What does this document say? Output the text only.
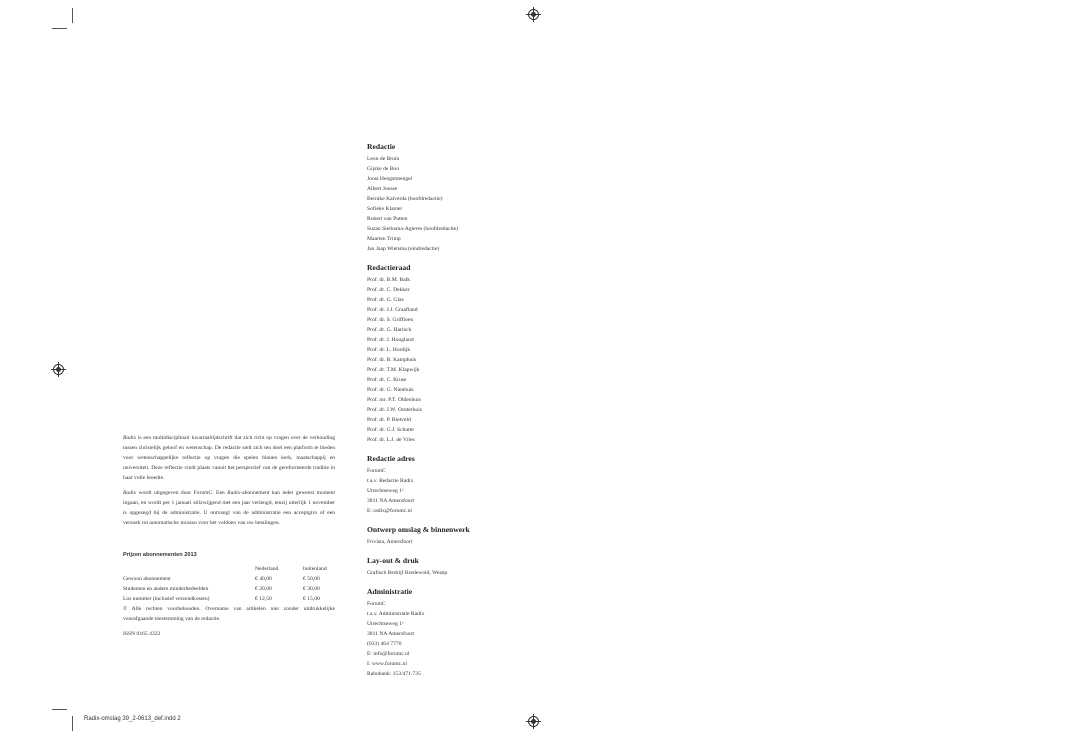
Radix is een multidisciplinair kwartaaltijdschrift dat zich richt op vragen over de verhouding tussen christelijk geloof en wetenschap. De redactie stelt zich ten doel een platform te bieden voor wetenschappelijke reflectie op vragen die spelen binnen kerk, maatschappij en universiteit. Deze reflectie vindt plaats vanuit het perspectief van de gereformeerde traditie in haar volle breedte.

Radix wordt uitgegeven door ForumC. Een Radix-abonnement kan ieder gewenst moment ingaan, en wordt per 1 januari stilzwijgend met een jaar verlengd, tenzij uiterlijk 1 november is opgezegd bij de administratie. U ontvangt van de administratie een acceptgiro of een verzoek tot automatische incasso voor het voldoen van uw betalingen.

Prijzen abonnementen 2013
	Nederland	buitenland
Gewoon abonnement	€ 40,00	€ 50,00
Studenten en andere minderbedeelden	€ 20,00	€ 30,00
Los nummer (inclusief verzendkosten)	€ 12,50	€ 15,00

© Alle rechten voorbehouden. Overname van artikelen niet zonder uitdrukkelijke voorafgaande toestemming van de redactie.

ISSN 0165 4322

Redactie
Leon de Bruin
Gijske de Boo
Joost Hengstmengel
Albert Joosse
Bernike Kalverda (hoofdredactie)
Sofieke Klamer
Robert van Putten
Suzan Sierksma-Agteres (hoofdredactie)
Maarten Trimp
Jan Jaap Wietsma (eindredactie)
Redactieraad
Prof. dr. B.M. Balk
Prof. dr. C. Dekker
Prof. dr. G. Glas
Prof. dr. J.J. Graafland
Prof. dr. S. Griffioen
Prof. dr. G. Harinck
Prof. dr. J. Hoogland
Prof. dr. L. Hordijk
Prof. dr. B. Kamphuis
Prof. dr. T.M. Klapwijk
Prof. dr. C. Kruse
Prof. dr. G. Nienhuis
Prof. mr. P.T. Oldenhuis
Prof. dr. J.W. Oosterhuis
Prof. dr. P. Rietveld
Prof. dr. G.J. Schutte
Prof. dr. L.J. de Vries
Redactie adres
ForumC
t.a.v. Redactie Radix
Utrechtseweg 1ᵃ
3811 NA Amersfoort
E: radix@forumc.nl
Ontwerp omslag & binnenwerk
Frivista, Amersfoort
Lay-out & druk
Grafisch Bedrijf Bredewold, Wezep
Administratie
ForumC
t.a.v. Administratie Radix
Utrechtseweg 1ᵃ
3811 NA Amersfoort
(033) 464 7770
E: info@forumc.nl
I: www.forumc.nl
Rabobank: 153/471.735
Radix-omslag 39_2-0613_def.indd 2
